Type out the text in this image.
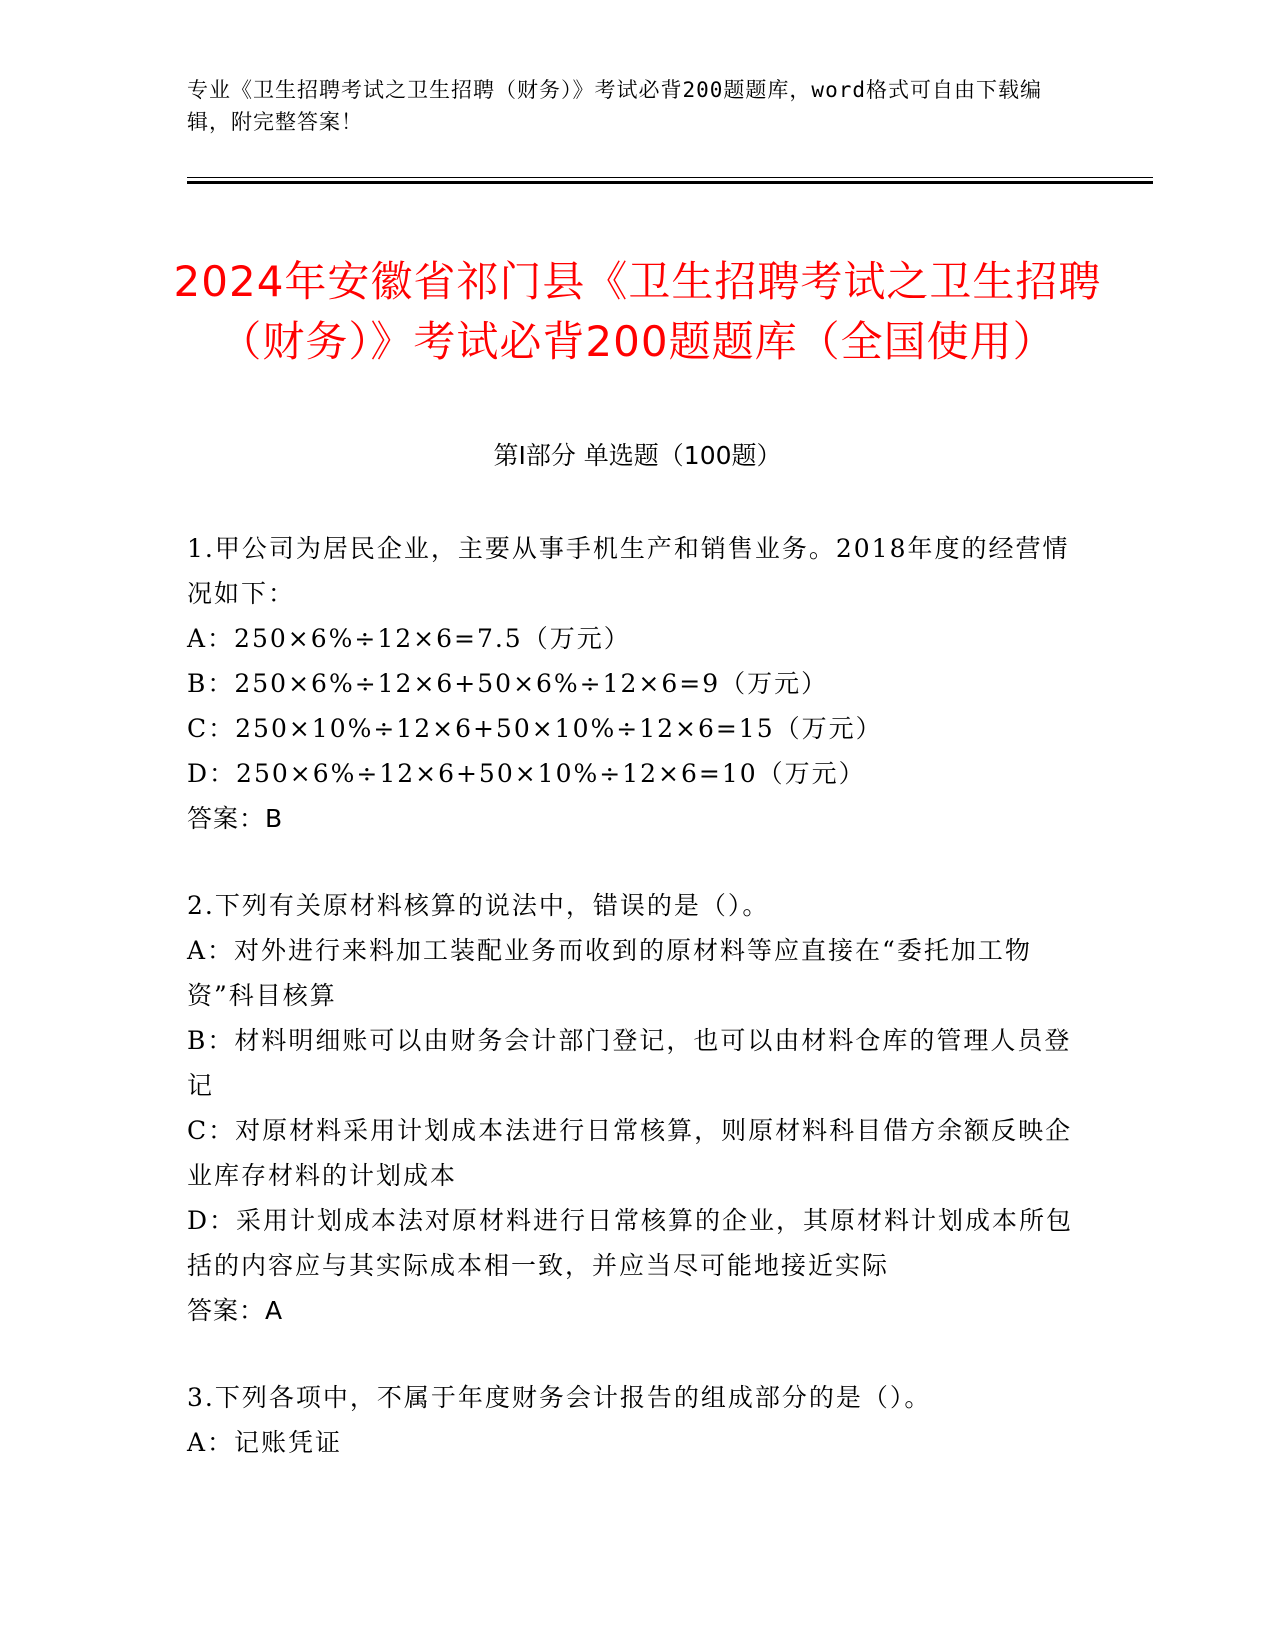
专业《卫生招聘考试之卫生招聘（财务）》考试必背200题题库，word格式可自由下载编辑，附完整答案！
2024年安徽省祁门县《卫生招聘考试之卫生招聘（财务）》考试必背200题题库（全国使用）
第I部分 单选题（100题）

1.甲公司为居民企业，主要从事手机生产和销售业务。2018年度的经营情况如下：

A：250×6%÷12×6=7.5（万元）

B：250×6%÷12×6+50×6%÷12×6=9（万元）

C：250×10%÷12×6+50×10%÷12×6=15（万元）

D：250×6%÷12×6+50×10%÷12×6=10（万元）

答案：B

2.下列有关原材料核算的说法中，错误的是（）。

A：对外进行来料加工装配业务而收到的原材料等应直接在“委托加工物资”科目核算

B：材料明细账可以由财务会计部门登记，也可以由材料仓库的管理人员登记

C：对原材料采用计划成本法进行日常核算，则原材料科目借方余额反映企业库存材料的计划成本

D：采用计划成本法对原材料进行日常核算的企业，其原材料计划成本所包括的内容应与其实际成本相一致，并应当尽可能地接近实际

答案：A

3.下列各项中，不属于年度财务会计报告的组成部分的是（）。

A：记账凭证
